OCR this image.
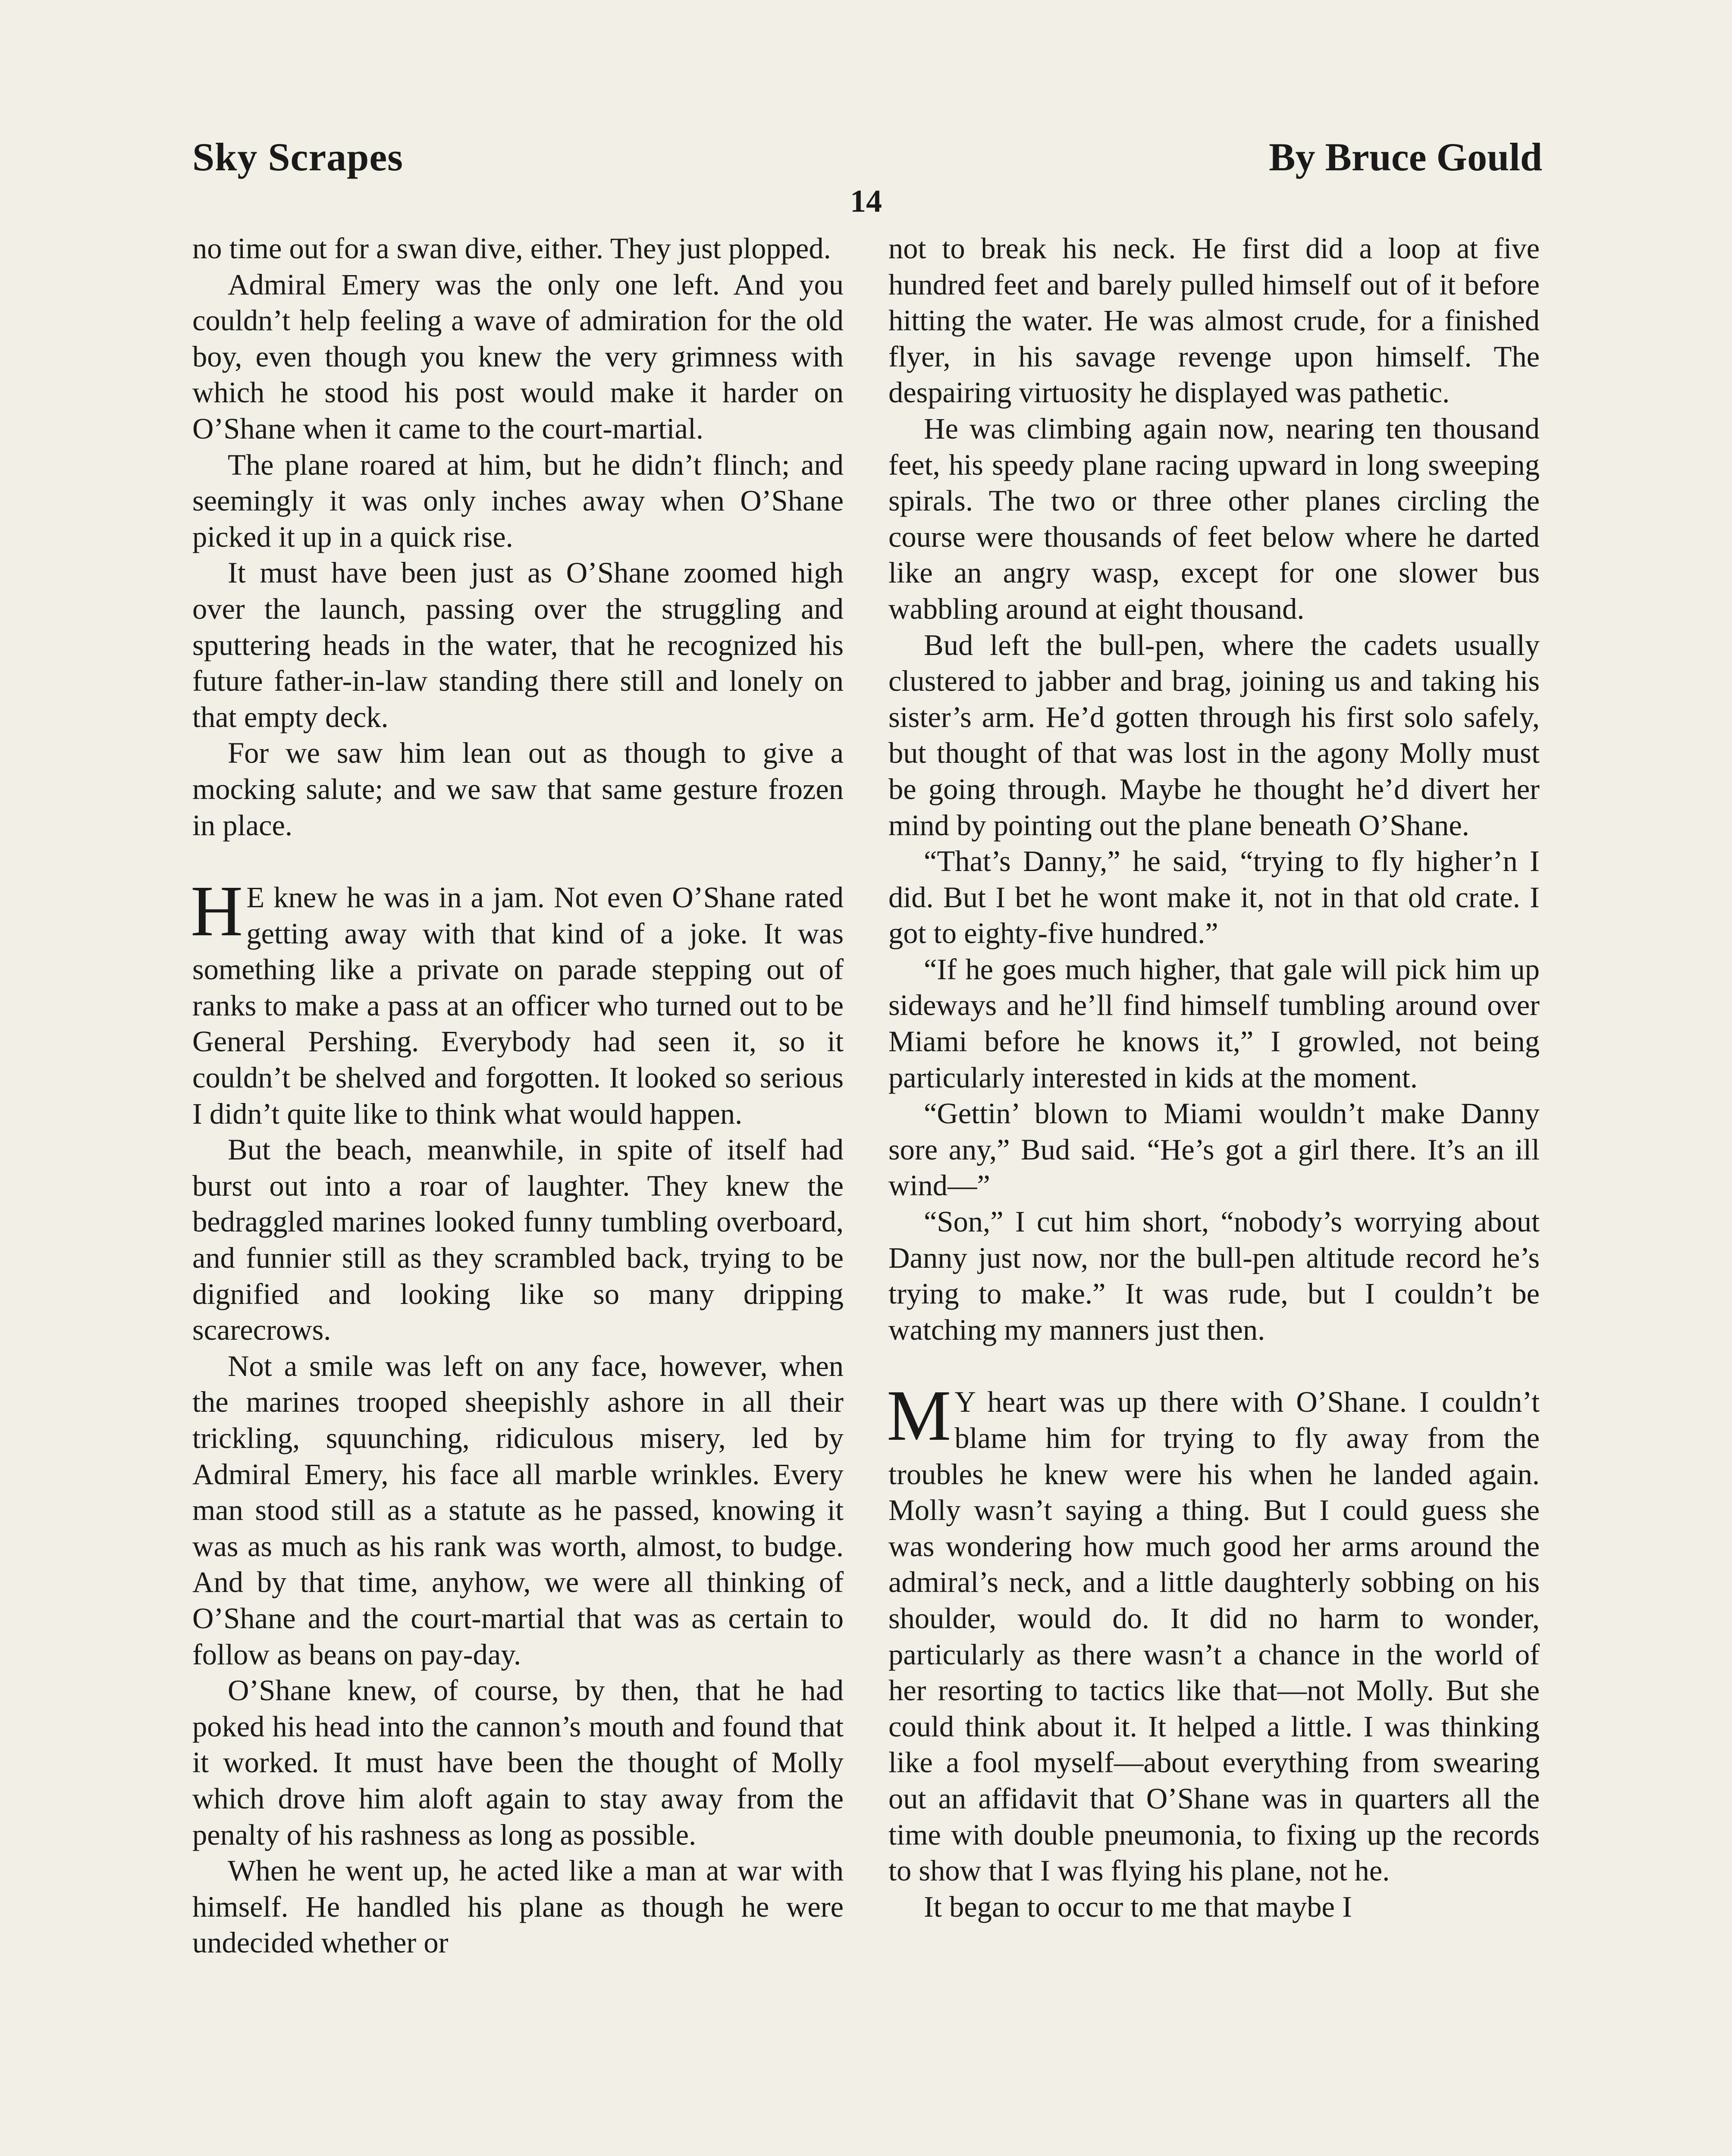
Sky Scrapes	By Bruce Gould
14

no time out for a swan dive, either. They just plopped.

Admiral Emery was the only one left. And you couldn’t help feeling a wave of admiration for the old boy, even though you knew the very grimness with which he stood his post would make it harder on O’Shane when it came to the court-martial.

The plane roared at him, but he didn’t flinch; and seemingly it was only inches away when O’Shane picked it up in a quick rise.

It must have been just as O’Shane zoomed high over the launch, passing over the struggling and sputtering heads in the water, that he recognized his future father-in-law standing there still and lonely on that empty deck.

For we saw him lean out as though to give a mocking salute; and we saw that same gesture frozen in place.

H E knew he was in a jam. Not even O’Shane rated getting away with that kind of a joke. It was something like a private on parade stepping out of ranks to make a pass at an officer who turned out to be General Pershing. Everybody had seen it, so it couldn’t be shelved and forgotten. It looked so serious I didn’t quite like to think what would happen.

But the beach, meanwhile, in spite of itself had burst out into a roar of laughter. They knew the bedraggled marines looked funny tumbling overboard, and funnier still as they scrambled back, trying to be dignified and looking like so many dripping scarecrows.

Not a smile was left on any face, however, when the marines trooped sheepishly ashore in all their trickling, squunching, ridiculous misery, led by Admiral Emery, his face all marble wrinkles. Every man stood still as a statute as he passed, knowing it was as much as his rank was worth, almost, to budge. And by that time, anyhow, we were all thinking of O’Shane and the court-martial that was as certain to follow as beans on pay-day.

O’Shane knew, of course, by then, that he had poked his head into the cannon’s mouth and found that it worked. It must have been the thought of Molly which drove him aloft again to stay away from the penalty of his rashness as long as possible.

When he went up, he acted like a man at war with himself. He handled his plane as though he were undecided whether or

not to break his neck. He first did a loop at five hundred feet and barely pulled himself out of it before hitting the water. He was almost crude, for a finished flyer, in his savage revenge upon himself. The despairing virtuosity he displayed was pathetic.

He was climbing again now, nearing ten thousand feet, his speedy plane racing upward in long sweeping spirals. The two or three other planes circling the course were thousands of feet below where he darted like an angry wasp, except for one slower bus wabbling around at eight thousand.

Bud left the bull-pen, where the cadets usually clustered to jabber and brag, joining us and taking his sister’s arm. He’d gotten through his first solo safely, but thought of that was lost in the agony Molly must be going through. Maybe he thought he’d divert her mind by pointing out the plane beneath O’Shane.

“That’s Danny,” he said, “trying to fly higher’n I did. But I bet he wont make it, not in that old crate. I got to eighty-five hundred.”

“If he goes much higher, that gale will pick him up sideways and he’ll find himself tumbling around over Miami before he knows it,” I growled, not being particularly interested in kids at the moment.

“Gettin’ blown to Miami wouldn’t make Danny sore any,” Bud said. “He’s got a girl there. It’s an ill wind—”

“Son,” I cut him short, “nobody’s worrying about Danny just now, nor the bull-pen altitude record he’s trying to make.” It was rude, but I couldn’t be watching my manners just then.

M Y heart was up there with O’Shane. I couldn’t blame him for trying to fly away from the troubles he knew were his when he landed again. Molly wasn’t saying a thing. But I could guess she was wondering how much good her arms around the admiral’s neck, and a little daughterly sobbing on his shoulder, would do. It did no harm to wonder, particularly as there wasn’t a chance in the world of her resorting to tactics like that—not Molly. But she could think about it. It helped a little. I was thinking like a fool myself—about everything from swearing out an affidavit that O’Shane was in quarters all the time with double pneumonia, to fixing up the records to show that I was flying his plane, not he.

It began to occur to me that maybe I
